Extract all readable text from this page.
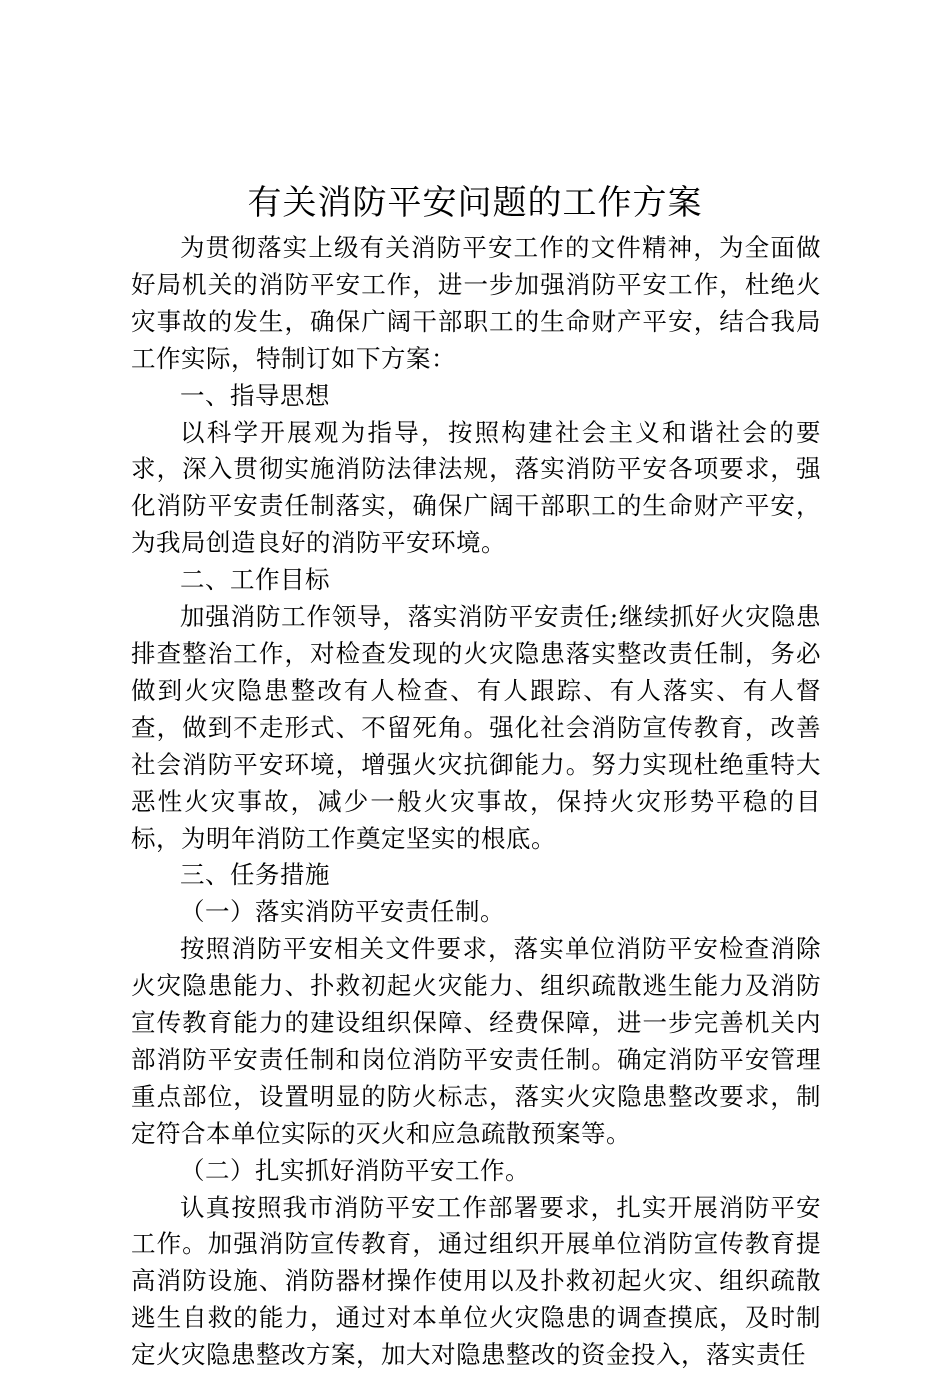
有关消防平安问题的工作方案

为贯彻落实上级有关消防平安工作的文件精神，为全面做好局机关的消防平安工作，进一步加强消防平安工作，杜绝火灾事故的发生，确保广阔干部职工的生命财产平安，结合我局工作实际，特制订如下方案：

一、指导思想

以科学开展观为指导，按照构建社会主义和谐社会的要求，深入贯彻实施消防法律法规，落实消防平安各项要求，强化消防平安责任制落实，确保广阔干部职工的生命财产平安，为我局创造良好的消防平安环境。

二、工作目标

加强消防工作领导，落实消防平安责任;继续抓好火灾隐患排查整治工作，对检查发现的火灾隐患落实整改责任制，务必做到火灾隐患整改有人检查、有人跟踪、有人落实、有人督查，做到不走形式、不留死角。强化社会消防宣传教育，改善社会消防平安环境，增强火灾抗御能力。努力实现杜绝重特大恶性火灾事故，减少一般火灾事故，保持火灾形势平稳的目标，为明年消防工作奠定坚实的根底。

三、任务措施

（一）落实消防平安责任制。

按照消防平安相关文件要求，落实单位消防平安检查消除火灾隐患能力、扑救初起火灾能力、组织疏散逃生能力及消防宣传教育能力的建设组织保障、经费保障，进一步完善机关内部消防平安责任制和岗位消防平安责任制。确定消防平安管理重点部位，设置明显的防火标志，落实火灾隐患整改要求，制定符合本单位实际的灭火和应急疏散预案等。

（二）扎实抓好消防平安工作。

认真按照我市消防平安工作部署要求，扎实开展消防平安工作。加强消防宣传教育，通过组织开展单位消防宣传教育提高消防设施、消防器材操作使用以及扑救初起火灾、组织疏散逃生自救的能力，通过对本单位火灾隐患的调查摸底，及时制定火灾隐患整改方案，加大对隐患整改的资金投入，落实责任
